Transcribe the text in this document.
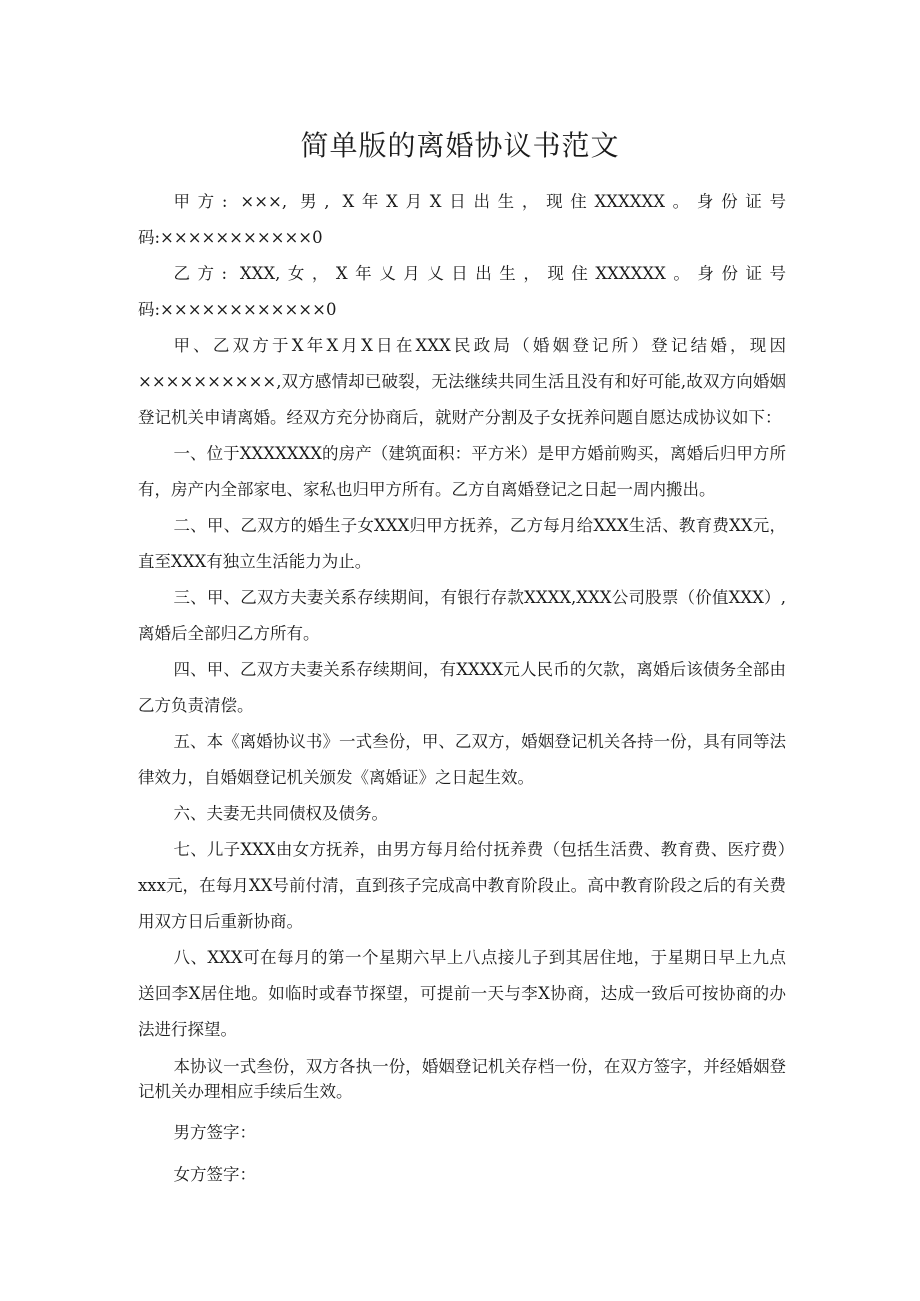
简单版的离婚协议书范文

甲方: ×××, 男, X年X月X日出生，现住XXXXXX。身份证号码:×××××××××××0

乙方: XXX,女，X年乂月乂日出生，现住XXXXXX。身份证号码:××××××××××××0

甲、乙双方于X年X月X日在XXX民政局（婚姻登记所）登记结婚，现因××××××××××,双方感情却已破裂，无法继续共同生活且没有和好可能,故双方向婚姻登记机关申请离婚。经双方充分协商后，就财产分割及子女抚养问题自愿达成协议如下：

一、位于XXXXXXX的房产（建筑面积：平方米）是甲方婚前购买，离婚后归甲方所有，房产内全部家电、家私也归甲方所有。乙方自离婚登记之日起一周内搬出。

二、甲、乙双方的婚生子女XXX归甲方抚养，乙方每月给XXX生活、教育费XX元，直至XXX有独立生活能力为止。

三、甲、乙双方夫妻关系存续期间，有银行存款XXXX,XXX公司股票（价值XXX）,离婚后全部归乙方所有。

四、甲、乙双方夫妻关系存续期间，有XXXX元人民币的欠款，离婚后该债务全部由乙方负责清偿。

五、本《离婚协议书》一式叁份，甲、乙双方，婚姻登记机关各持一份，具有同等法律效力，自婚姻登记机关颁发《离婚证》之日起生效。

六、夫妻无共同债权及债务。

七、儿子XXX由女方抚养，由男方每月给付抚养费（包括生活费、教育费、医疗费）xxx元，在每月XX号前付清，直到孩子完成高中教育阶段止。高中教育阶段之后的有关费用双方日后重新协商。

八、XXX可在每月的第一个星期六早上八点接儿子到其居住地，于星期日早上九点送回李X居住地。如临时或春节探望，可提前一天与李X协商，达成一致后可按协商的办法进行探望。

本协议一式叁份，双方各执一份，婚姻登记机关存档一份，在双方签字，并经婚姻登记机关办理相应手续后生效。

男方签字：

女方签字：
